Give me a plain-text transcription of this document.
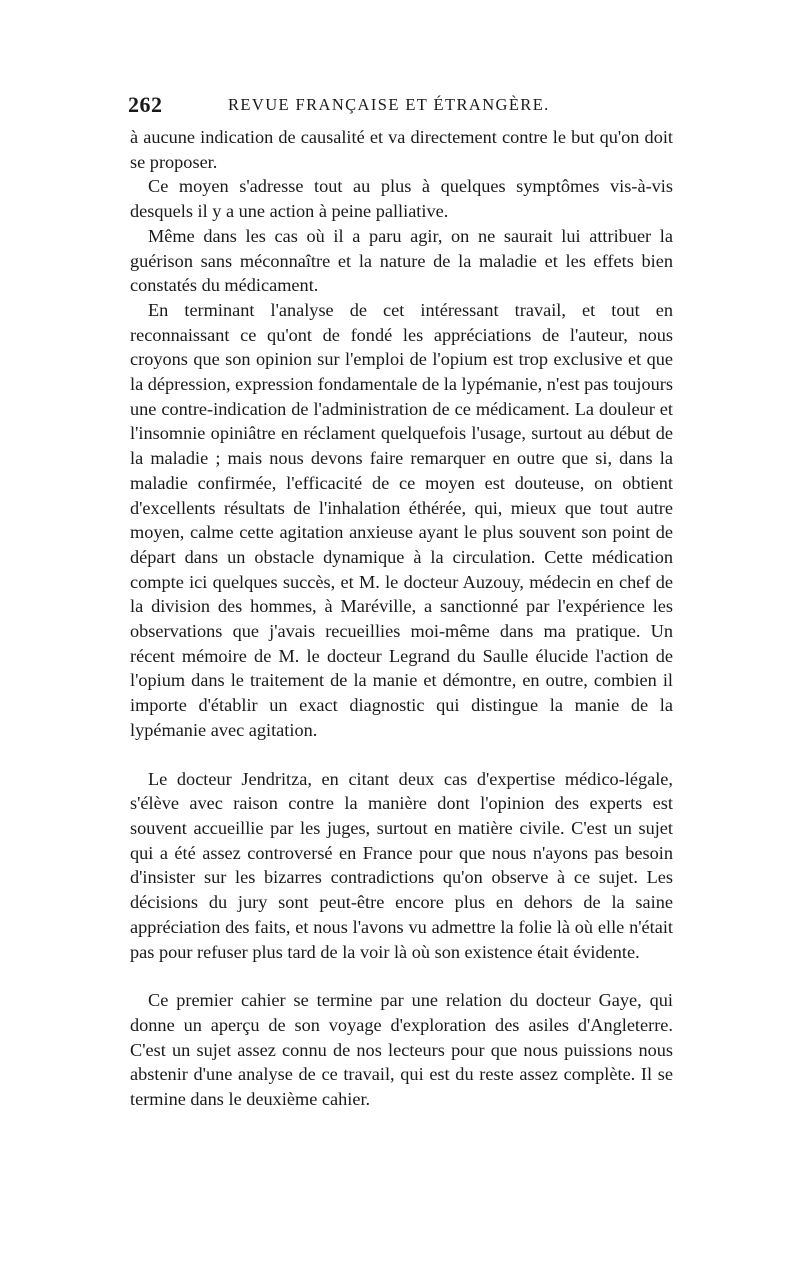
262	REVUE FRANÇAISE ET ÉTRANGÈRE.

à aucune indication de causalité et va directement contre le but qu'on doit se proposer.

Ce moyen s'adresse tout au plus à quelques symptômes vis-à-vis desquels il y a une action à peine palliative.

Même dans les cas où il a paru agir, on ne saurait lui attribuer la guérison sans méconnaître et la nature de la maladie et les effets bien constatés du médicament.

En terminant l'analyse de cet intéressant travail, et tout en reconnaissant ce qu'ont de fondé les appréciations de l'auteur, nous croyons que son opinion sur l'emploi de l'opium est trop exclusive et que la dépression, expression fondamentale de la lypémanie, n'est pas toujours une contre-indication de l'administration de ce médicament. La douleur et l'insomnie opiniâtre en réclament quelquefois l'usage, surtout au début de la maladie ; mais nous devons faire remarquer en outre que si, dans la maladie confirmée, l'efficacité de ce moyen est douteuse, on obtient d'excellents résultats de l'inhalation éthérée, qui, mieux que tout autre moyen, calme cette agitation anxieuse ayant le plus souvent son point de départ dans un obstacle dynamique à la circulation. Cette médication compte ici quelques succès, et M. le docteur Auzouy, médecin en chef de la division des hommes, à Maréville, a sanctionné par l'expérience les observations que j'avais recueillies moi-même dans ma pratique. Un récent mémoire de M. le docteur Legrand du Saulle élucide l'action de l'opium dans le traitement de la manie et démontre, en outre, combien il importe d'établir un exact diagnostic qui distingue la manie de la lypémanie avec agitation.

Le docteur Jendritza, en citant deux cas d'expertise médico-légale, s'élève avec raison contre la manière dont l'opinion des experts est souvent accueillie par les juges, surtout en matière civile. C'est un sujet qui a été assez controversé en France pour que nous n'ayons pas besoin d'insister sur les bizarres contradictions qu'on observe à ce sujet. Les décisions du jury sont peut-être encore plus en dehors de la saine appréciation des faits, et nous l'avons vu admettre la folie là où elle n'était pas pour refuser plus tard de la voir là où son existence était évidente.

Ce premier cahier se termine par une relation du docteur Gaye, qui donne un aperçu de son voyage d'exploration des asiles d'Angleterre. C'est un sujet assez connu de nos lecteurs pour que nous puissions nous abstenir d'une analyse de ce travail, qui est du reste assez complète. Il se termine dans le deuxième cahier.
